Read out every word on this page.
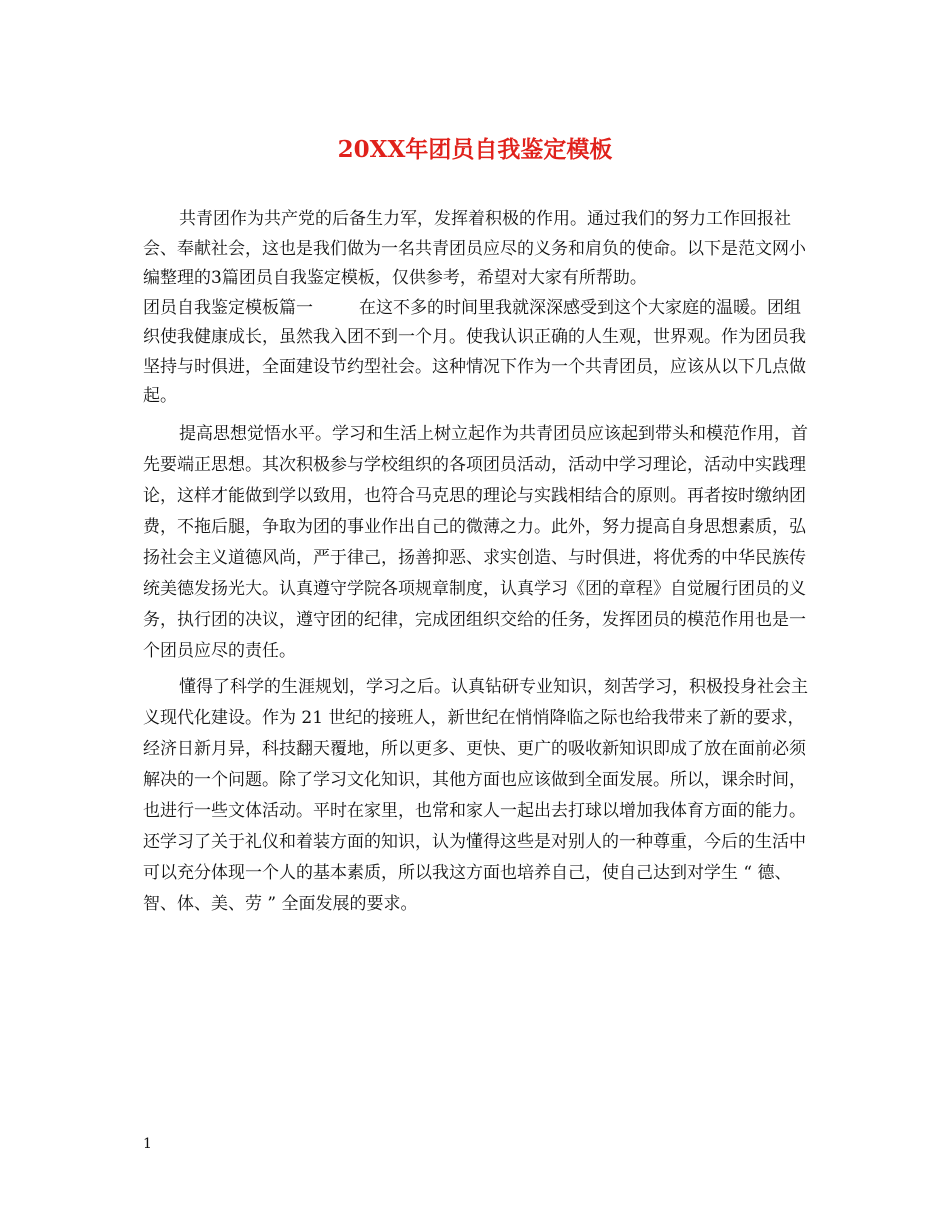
20XX年团员自我鉴定模板

共青团作为共产党的后备生力军，发挥着积极的作用。通过我们的努力工作回报社会、奉献社会，这也是我们做为一名共青团员应尽的义务和肩负的使命。以下是范文网小编整理的3篇团员自我鉴定模板，仅供参考，希望对大家有所帮助。

团员自我鉴定模板篇一	在这不多的时间里我就深深感受到这个大家庭的温暖。团组织使我健康成长，虽然我入团不到一个月。使我认识正确的人生观，世界观。作为团员我坚持与时俱进，全面建设节约型社会。这种情况下作为一个共青团员，应该从以下几点做起。

提高思想觉悟水平。学习和生活上树立起作为共青团员应该起到带头和模范作用，首先要端正思想。其次积极参与学校组织的各项团员活动，活动中学习理论，活动中实践理论，这样才能做到学以致用，也符合马克思的理论与实践相结合的原则。再者按时缴纳团费，不拖后腿，争取为团的事业作出自己的微薄之力。此外，努力提高自身思想素质，弘扬社会主义道德风尚，严于律己，扬善抑恶、求实创造、与时俱进，将优秀的中华民族传统美德发扬光大。认真遵守学院各项规章制度，认真学习《团的章程》自觉履行团员的义务，执行团的决议，遵守团的纪律，完成团组织交给的任务，发挥团员的模范作用也是一个团员应尽的责任。

懂得了科学的生涯规划，学习之后。认真钻研专业知识，刻苦学习，积极投身社会主义现代化建设。作为 21 世纪的接班人，新世纪在悄悄降临之际也给我带来了新的要求，经济日新月异，科技翻天覆地，所以更多、更快、更广的吸收新知识即成了放在面前必须解决的一个问题。除了学习文化知识，其他方面也应该做到全面发展。所以，课余时间，也进行一些文体活动。平时在家里，也常和家人一起出去打球以增加我体育方面的能力。还学习了关于礼仪和着装方面的知识，认为懂得这些是对别人的一种尊重，今后的生活中可以充分体现一个人的基本素质，所以我这方面也培养自己，使自己达到对学生 “ 德、智、体、美、劳 ” 全面发展的要求。

1
